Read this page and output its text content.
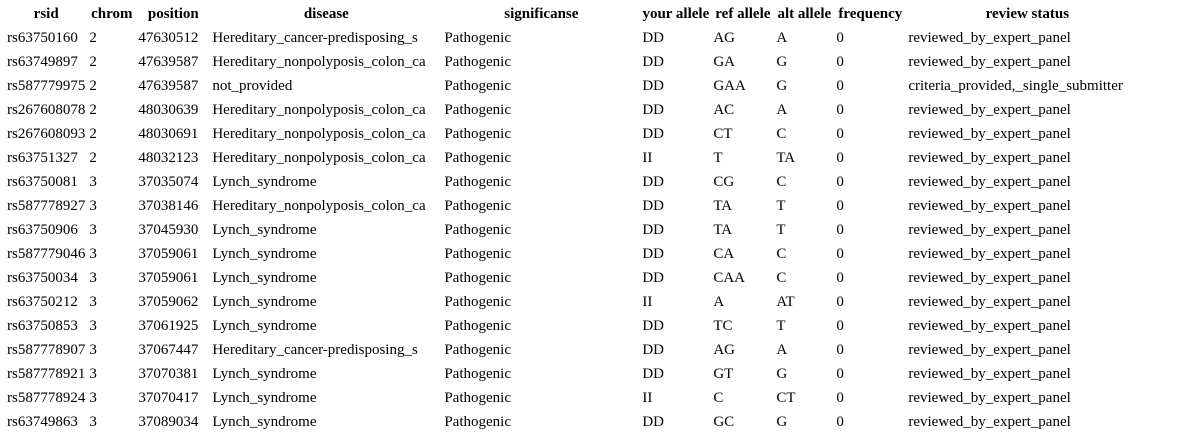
rsid	chrom	position	disease	significanse	your allele	ref allele	alt allele	frequency	review status
rs63750160	2	47630512	Hereditary_cancer-predisposing_s	Pathogenic	DD	AG	A	0	reviewed_by_expert_panel
rs63749897	2	47639587	Hereditary_nonpolyposis_colon_ca	Pathogenic	DD	GA	G	0	reviewed_by_expert_panel
rs587779975	2	47639587	not_provided	Pathogenic	DD	GAA	G	0	criteria_provided,_single_submitter
rs267608078	2	48030639	Hereditary_nonpolyposis_colon_ca	Pathogenic	DD	AC	A	0	reviewed_by_expert_panel
rs267608093	2	48030691	Hereditary_nonpolyposis_colon_ca	Pathogenic	DD	CT	C	0	reviewed_by_expert_panel
rs63751327	2	48032123	Hereditary_nonpolyposis_colon_ca	Pathogenic	II	T	TA	0	reviewed_by_expert_panel
rs63750081	3	37035074	Lynch_syndrome	Pathogenic	DD	CG	C	0	reviewed_by_expert_panel
rs587778927	3	37038146	Hereditary_nonpolyposis_colon_ca	Pathogenic	DD	TA	T	0	reviewed_by_expert_panel
rs63750906	3	37045930	Lynch_syndrome	Pathogenic	DD	TA	T	0	reviewed_by_expert_panel
rs587779046	3	37059061	Lynch_syndrome	Pathogenic	DD	CA	C	0	reviewed_by_expert_panel
rs63750034	3	37059061	Lynch_syndrome	Pathogenic	DD	CAA	C	0	reviewed_by_expert_panel
rs63750212	3	37059062	Lynch_syndrome	Pathogenic	II	A	AT	0	reviewed_by_expert_panel
rs63750853	3	37061925	Lynch_syndrome	Pathogenic	DD	TC	T	0	reviewed_by_expert_panel
rs587778907	3	37067447	Hereditary_cancer-predisposing_s	Pathogenic	DD	AG	A	0	reviewed_by_expert_panel
rs587778921	3	37070381	Lynch_syndrome	Pathogenic	DD	GT	G	0	reviewed_by_expert_panel
rs587778924	3	37070417	Lynch_syndrome	Pathogenic	II	C	CT	0	reviewed_by_expert_panel
rs63749863	3	37089034	Lynch_syndrome	Pathogenic	DD	GC	G	0	reviewed_by_expert_panel
